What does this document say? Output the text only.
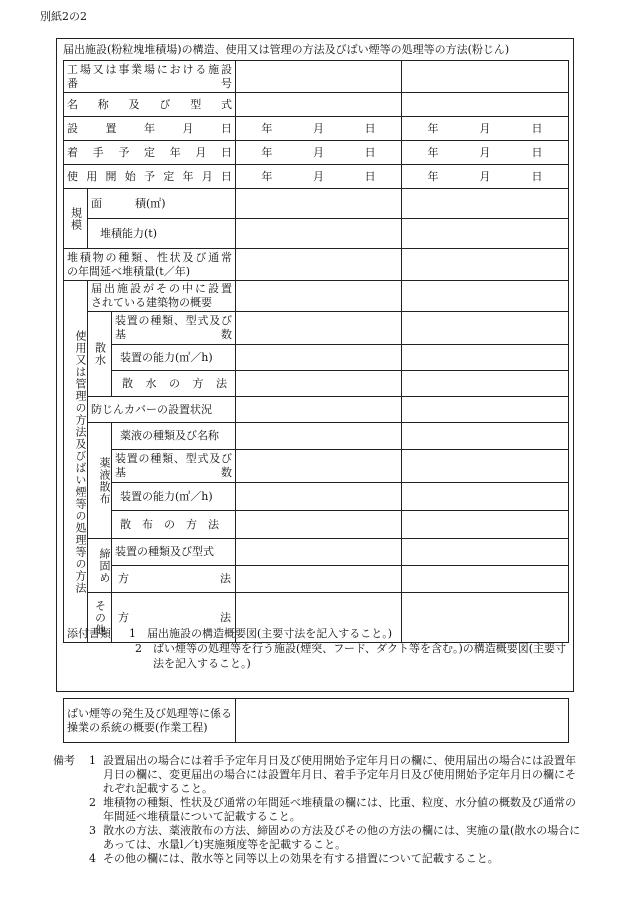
別紙2の2
届出施設(粉粒塊堆積場)の構造、使用又は管理の方法及びばい煙等の処理等の方法(粉じん)
工場又は事業場における施設
番 号				

名称及び型式				
設置年月日			年 月 日	年 月 日

着手予定年月日			年 月 日	年 月 日

使用開始予定年月日			年 月 日	年 月 日

規模	面　　　積(㎡)			
	堆積能力(t)			

堆積物の種類、性状及び通常
の年間延べ堆積量(t／年)				

使用又は管理の方法及びばい煙等の処理等の方法	届出施設がその中に設置
されている建築物の概要			

	散水	装置の種類、型式及び
基 数		

		装置の能力(㎥／h)		
		散水の方法		
	防じんカバーの設置状況			
	薬液散布	薬液の種類及び名称		

		装置の種類、型式及び
基 数		

		装置の能力(㎥／h)		
		散布の方法		
	締固め	装置の種類及び型式		
		方法		
	その他	方法		
添付書類 1　 届出施設の構造概要図(主要寸法を記入すること。)
2	ばい煙等の処理等を行う施設(煙突、フード、ダクト等を含む。)の構造概要図(主要寸法を記入すること。)
ばい煙等の発生及び処理等に係る操業の系統の概要(作業工程)	
備考 1 設置届出の場合には着手予定年月日及び使用開始予定年月日の欄に、使用届出の場合には設置年月日の欄に、変更届出の場合には設置年月日、着手予定年月日及び使用開始予定年月日の欄にそれぞれ記載すること。
2 堆積物の種類、性状及び通常の年間延べ堆積量の欄には、比重、粒度、水分値の概数及び通常の年間延べ堆積量について記載すること。
3 散水の方法、薬液散布の方法、締固めの方法及びその他の方法の欄には、実施の量(散水の場合にあっては、水量l／t)実施頻度等を記載すること。
4 その他の欄には、散水等と同等以上の効果を有する措置について記載すること。
